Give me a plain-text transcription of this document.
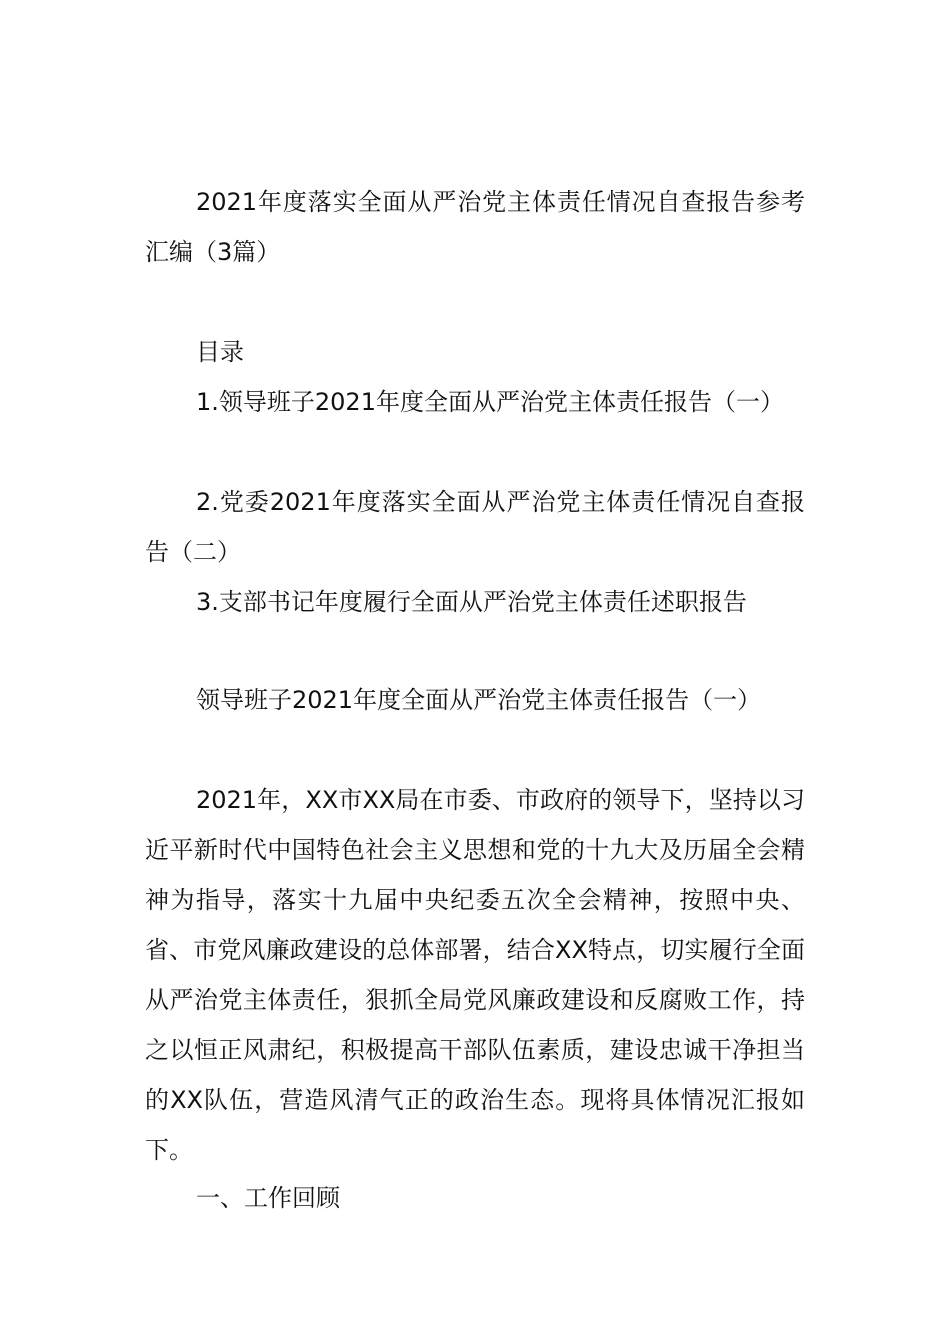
2021年度落实全面从严治党主体责任情况自查报告参考汇编（3篇）

目录

1.领导班子2021年度全面从严治党主体责任报告（一）

2.党委2021年度落实全面从严治党主体责任情况自查报告（二）

3.支部书记年度履行全面从严治党主体责任述职报告

领导班子2021年度全面从严治党主体责任报告（一）

2021年，XX市XX局在市委、市政府的领导下，坚持以习近平新时代中国特色社会主义思想和党的十九大及历届全会精神为指导，落实十九届中央纪委五次全会精神，按照中央、省、市党风廉政建设的总体部署，结合XX特点，切实履行全面从严治党主体责任，狠抓全局党风廉政建设和反腐败工作，持之以恒正风肃纪，积极提高干部队伍素质，建设忠诚干净担当的XX队伍，营造风清气正的政治生态。现将具体情况汇报如下。

一、工作回顾
